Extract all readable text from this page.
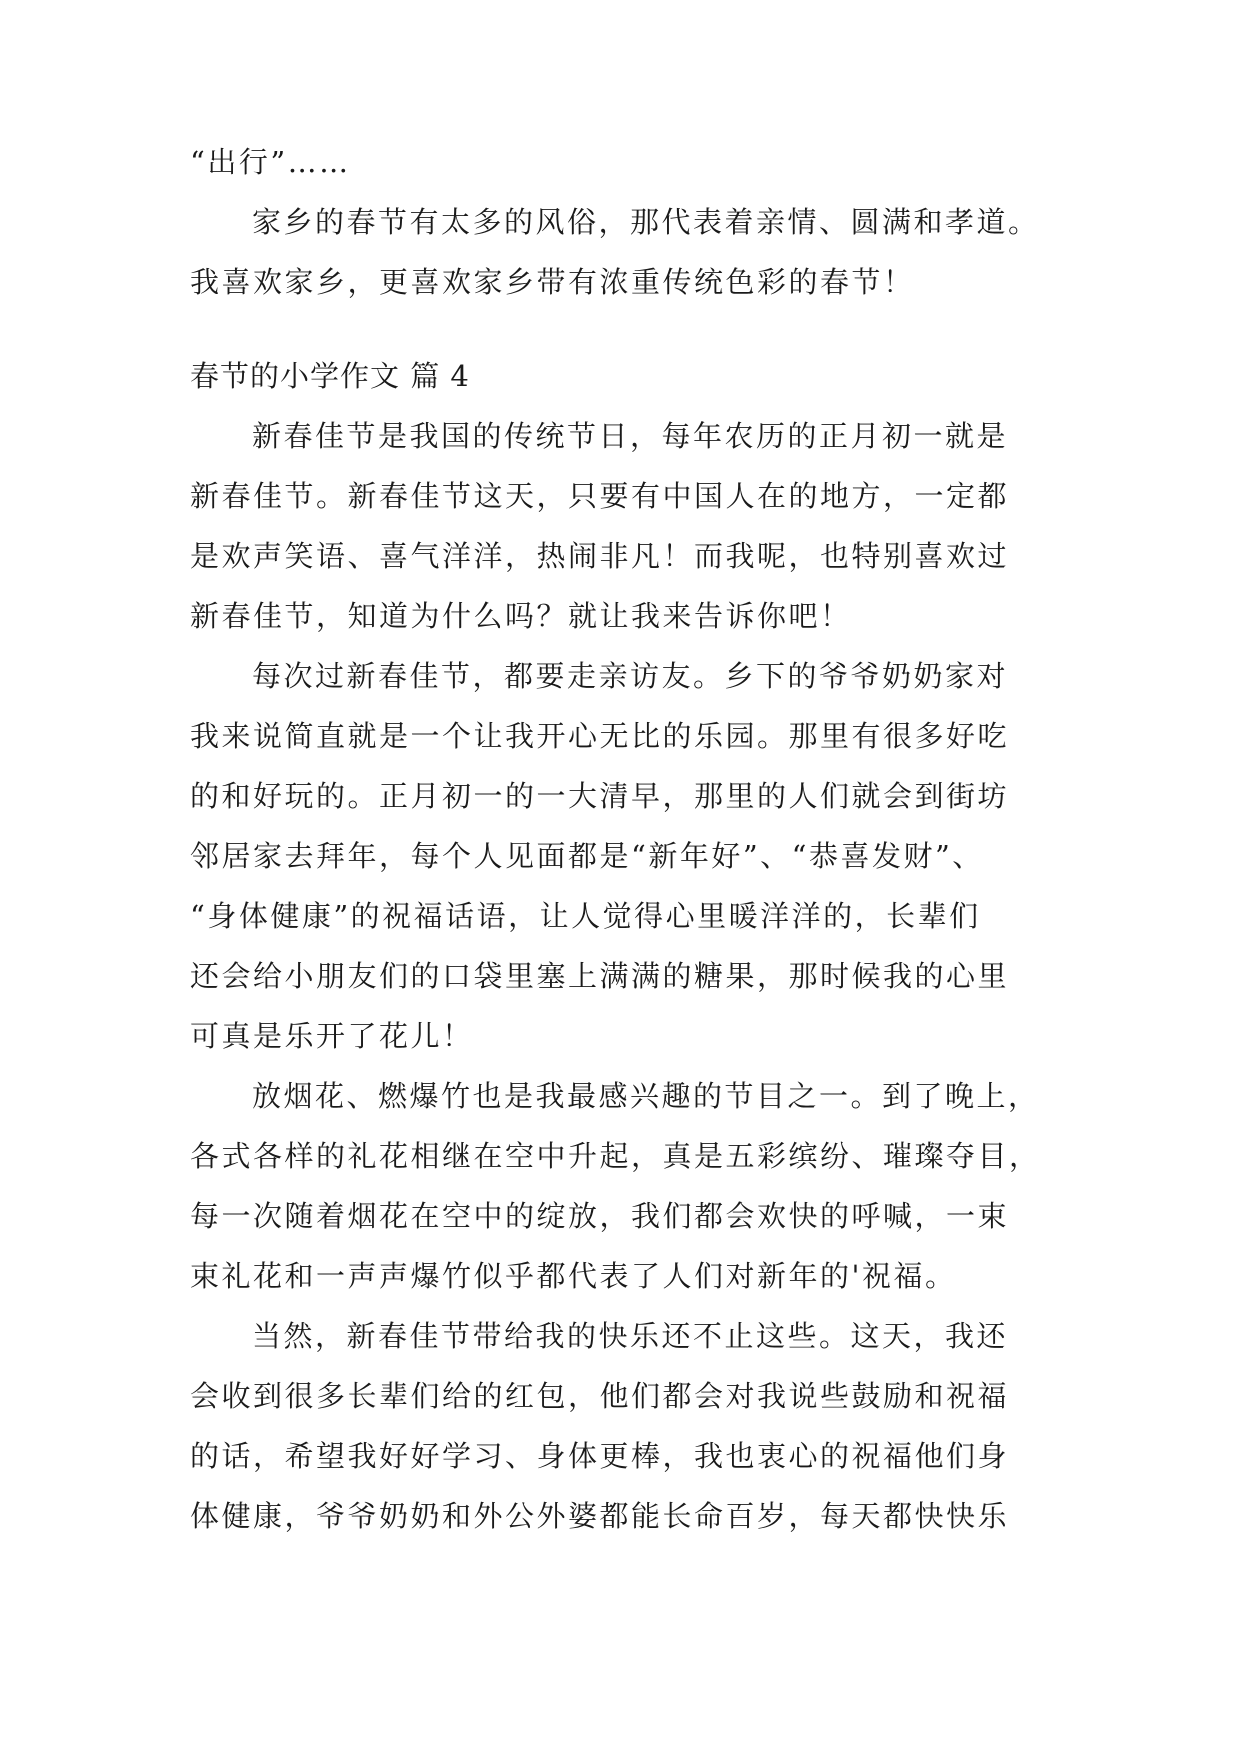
“出行”……
家乡的春节有太多的风俗，那代表着亲情、圆满和孝道。
我喜欢家乡，更喜欢家乡带有浓重传统色彩的春节！
春节的小学作文 篇 4
新春佳节是我国的传统节日，每年农历的正月初一就是
新春佳节。新春佳节这天，只要有中国人在的地方，一定都
是欢声笑语、喜气洋洋，热闹非凡！而我呢，也特别喜欢过
新春佳节，知道为什么吗？就让我来告诉你吧！
每次过新春佳节，都要走亲访友。乡下的爷爷奶奶家对
我来说简直就是一个让我开心无比的乐园。那里有很多好吃
的和好玩的。正月初一的一大清早，那里的人们就会到街坊
邻居家去拜年，每个人见面都是“新年好”、“恭喜发财”、
“身体健康”的祝福话语，让人觉得心里暖洋洋的，长辈们
还会给小朋友们的口袋里塞上满满的糖果，那时候我的心里
可真是乐开了花儿！
放烟花、燃爆竹也是我最感兴趣的节目之一。到了晚上，
各式各样的礼花相继在空中升起，真是五彩缤纷、璀璨夺目，
每一次随着烟花在空中的绽放，我们都会欢快的呼喊，一束
束礼花和一声声爆竹似乎都代表了人们对新年的'祝福。
当然，新春佳节带给我的快乐还不止这些。这天，我还
会收到很多长辈们给的红包，他们都会对我说些鼓励和祝福
的话，希望我好好学习、身体更棒，我也衷心的祝福他们身
体健康，爷爷奶奶和外公外婆都能长命百岁，每天都快快乐
